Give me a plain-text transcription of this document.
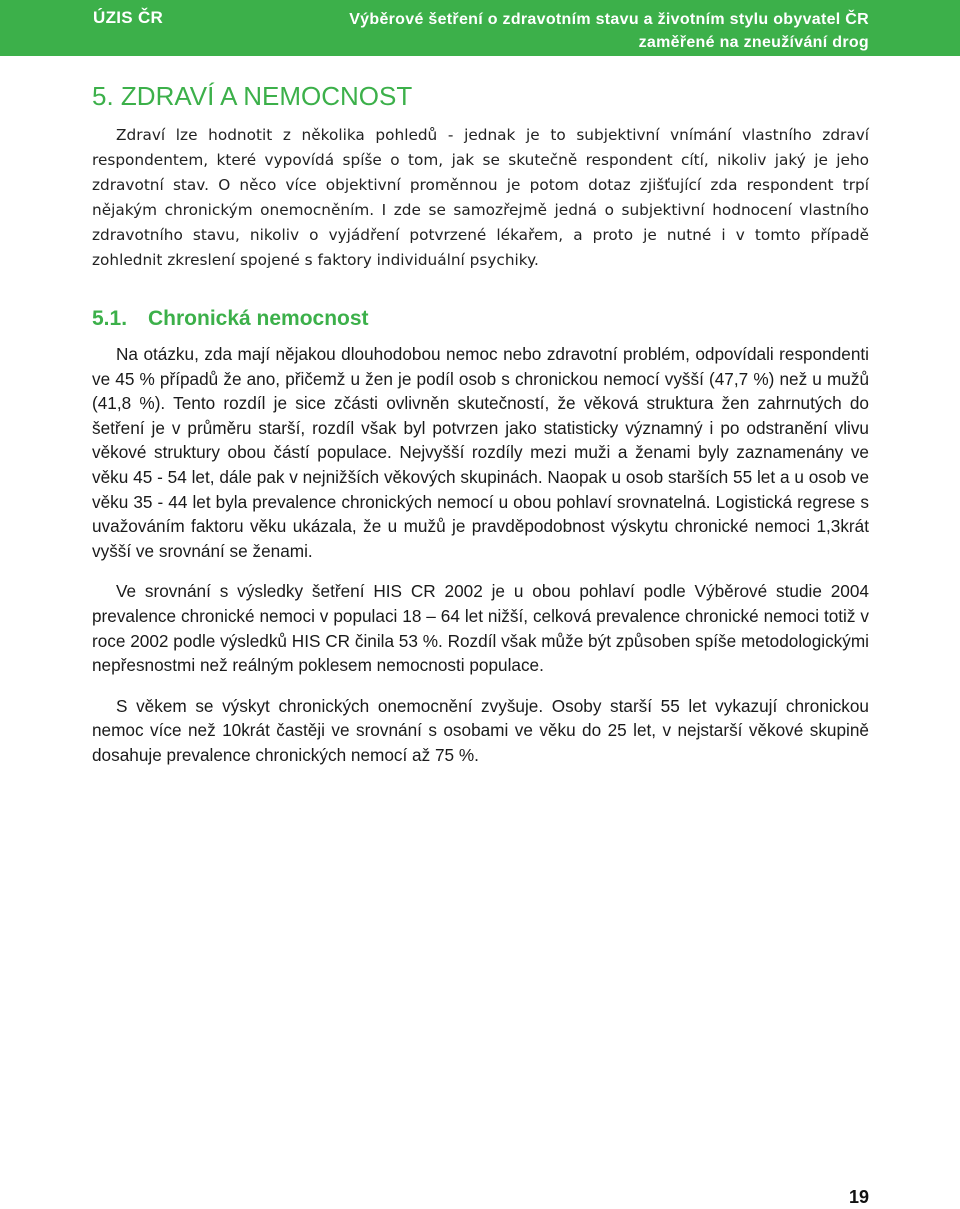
ÚZIS ČR	Výběrové šetření o zdravotním stavu a životním stylu obyvatel ČR
zaměřené na zneužívání drog
5. ZDRAVÍ A NEMOCNOST

Zdraví lze hodnotit z několika pohledů - jednak je to subjektivní vnímání vlastního zdraví respondentem, které vypovídá spíše o tom, jak se skutečně respondent cítí, nikoliv jaký je jeho zdravotní stav. O něco více objektivní proměnnou je potom dotaz zjišťující zda respondent trpí nějakým chronickým onemocněním. I zde se samozřejmě jedná o subjektivní hodnocení vlastního zdravotního stavu, nikoliv o vyjádření potvrzené lékařem, a proto je nutné i v tomto případě zohlednit zkreslení spojené s faktory individuální psychiky.

5.1. Chronická nemocnost

Na otázku, zda mají nějakou dlouhodobou nemoc nebo zdravotní problém, odpovídali respondenti ve 45 % případů že ano, přičemž u žen je podíl osob s chronickou nemocí vyšší (47,7 %) než u mužů (41,8 %). Tento rozdíl je sice zčásti ovlivněn skutečností, že věková struktura žen zahrnutých do šetření je v průměru starší, rozdíl však byl potvrzen jako statisticky významný i po odstranění vlivu věkové struktury obou částí populace. Nejvyšší rozdíly mezi muži a ženami byly zaznamenány ve věku 45 - 54 let, dále pak v nejnižších věkových skupinách. Naopak u osob starších 55 let a u osob ve věku 35 - 44 let byla prevalence chronických nemocí u obou pohlaví srovnatelná. Logistická regrese s uvažováním faktoru věku ukázala, že u mužů je pravděpodobnost výskytu chronické nemoci 1,3krát vyšší ve srovnání se ženami.

Ve srovnání s výsledky šetření HIS CR 2002 je u obou pohlaví podle Výběrové studie 2004 prevalence chronické nemoci v populaci 18 – 64 let nižší, celková prevalence chronické nemoci totiž v roce 2002 podle výsledků HIS CR činila 53 %. Rozdíl však může být způsoben spíše metodologickými nepřesnostmi než reálným poklesem nemocnosti populace.

S věkem se výskyt chronických onemocnění zvyšuje. Osoby starší 55 let vykazují chronickou nemoc více než 10krát častěji ve srovnání s osobami ve věku do 25 let, v nejstarší věkové skupině dosahuje prevalence chronických nemocí až 75 %.

19
